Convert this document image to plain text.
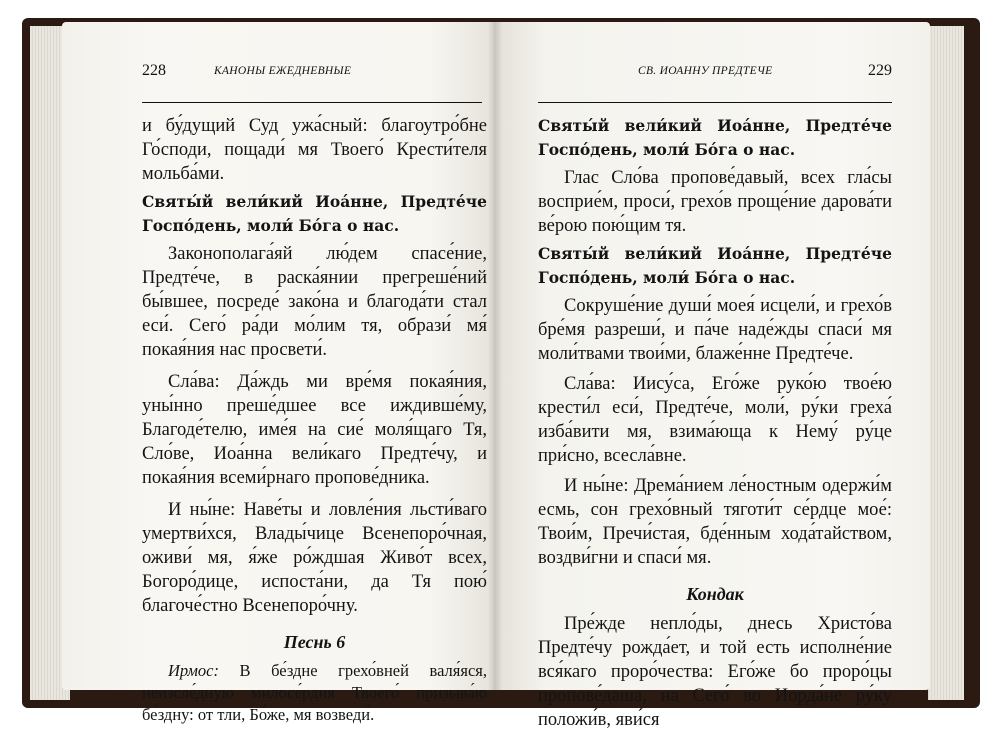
228	КАНОНЫ ЕЖЕДНЕВНЫЕ

и бу́дущий Суд ужа́сный: благоутро́бне Го́споди, пощади́ мя Твоего́ Крести́теля мольба́ми.

Святы́й вели́кий Иоа́нне, Предте́че Госпо́день, моли́ Бо́га о нас.

Законополага́яй лю́дем спасе́ние, Предте́че, в раска́янии прегреше́ний бы́вшее, посреде́ зако́на и благода́ти стал еси́. Сего́ ра́ди мо́лим тя, образи́ мя́ покая́ния нас просвети́.

Сла́ва: Да́ждь ми вре́мя покая́ния, уны́нно преше́дшее все иждивше́му, Благоде́телю, име́я на сие́ моля́щаго Тя, Сло́ве, Иоа́нна вели́каго Предте́чу, и покая́ния всеми́рнаго пропове́дника.

И ны́не: Наве́ты и ловле́ния льсти́ваго умертви́хся, Влады́чице Всенепоро́чная, оживи́ мя, я́же ро́ждшая Живо́т всех, Богоро́дице, испоста́ни, да Тя пою́ благоче́стно Всенепоро́чну.

Песнь 6

Ирмос: В бе́здне грехо́вней валя́яся, неизсле́дную милосе́рдия Твоего́ призыва́ю бе́здну: от тли, Бо́же, мя возведи́.

СВ. ИОАННУ ПРЕДТЕЧЕ	229

Святы́й вели́кий Иоа́нне, Предте́че Госпо́день, моли́ Бо́га о нас.

Глас Сло́ва пропове́давый, всех гла́сы восприе́м, проси́, грехо́в проще́ние дарова́ти ве́рою пою́щим тя.

Святы́й вели́кий Иоа́нне, Предте́че Госпо́день, моли́ Бо́га о нас.

Сокруше́ние души́ моея́ исцели́, и грехо́в бре́мя разреши́, и па́че наде́жды спаси́ мя моли́твами твои́ми, блаже́нне Предте́че.

Сла́ва: Иису́са, Его́же руко́ю твое́ю крести́л еси́, Предте́че, моли́, ру́ки греха́ изба́вити мя, взима́юща к Нему́ ру́це при́сно, всесла́вне.

И ны́не: Дрема́нием ле́ностным одержи́м есмь, сон грехо́вный тяготи́т се́рдце мое́: Твои́м, Пречи́стая, бде́нным хода́тайством, воздви́гни и спаси́ мя.

Кондак

Пре́жде непло́ды, днесь Христо́ва Предте́чу рожда́ет, и той есть исполне́ние вся́каго проро́чества: Его́же бо проро́цы пропове́даша, на Сего́ во Иорда́не ру́ку положи́в, яви́ся
